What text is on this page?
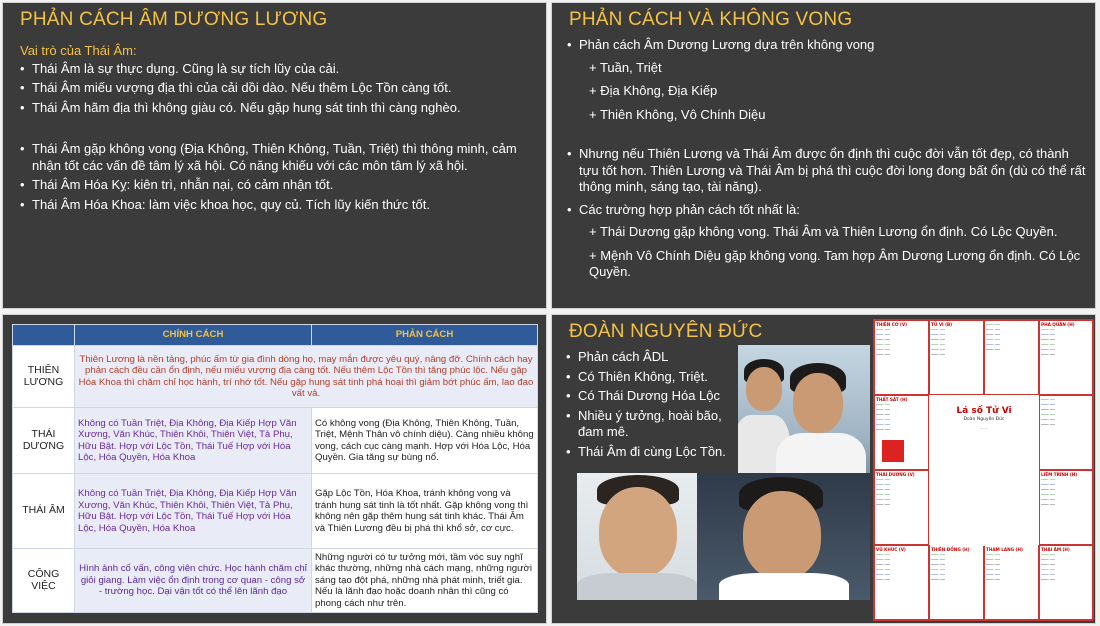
PHẢN CÁCH ÂM DƯƠNG LƯƠNG
Vai trò của Thái Âm:
• Thái Âm là sự thực dụng. Cũng là sự tích lũy của cải.
• Thái Âm miếu vượng địa thì của cải dồi dào. Nếu thêm Lộc Tồn càng tốt.
• Thái Âm hãm địa thì không giàu có. Nếu gặp hung sát tinh thì càng nghèo.
• Thái Âm gặp không vong (Địa Không, Thiên Không, Tuần, Triệt) thì thông minh, cảm nhận tốt các vấn đề tâm lý xã hội. Có năng khiếu với các môn tâm lý xã hội.
• Thái Âm Hóa Kỵ: kiên trì, nhẫn nại, có cảm nhận tốt.
• Thái Âm Hóa Khoa: làm việc khoa học, quy củ. Tích lũy kiến thức tốt.
PHẢN CÁCH VÀ KHÔNG VONG
• Phản cách Âm Dương Lương dựa trên không vong
+ Tuần, Triệt
+ Địa Không, Địa Kiếp
+ Thiên Không, Vô Chính Diệu
• Nhưng nếu Thiên Lương và Thái Âm được ổn định thì cuộc đời vẫn tốt đẹp, có thành tựu tốt hơn. Thiên Lương và Thái Âm bị phá thì cuộc đời long đong bất ổn (dù có thể rất thông minh, sáng tạo, tài năng).
• Các trường hợp phản cách tốt nhất là:
+ Thái Dương gặp không vong. Thái Âm và Thiên Lương ổn định. Có Lộc Quyền.
+ Mệnh Vô Chính Diệu gặp không vong. Tam hợp Âm Dương Lương ổn định. Có Lộc Quyền.
	CHÍNH CÁCH	PHẢN CÁCH
THIÊN LƯƠNG	Thiên Lương là nền tảng, phúc ấm từ gia đình dòng họ, may mắn được yêu quý, nâng đỡ. Chính cách hay phản cách đều cần ổn định, nếu miếu vượng địa càng tốt. Nếu thêm Lộc Tồn thì tăng phúc lộc. Nếu gặp Hóa Khoa thì chăm chỉ học hành, trí nhớ tốt. Nếu gặp hung sát tinh phá hoại thì giảm bớt phúc ấm, lao đao vất vả.	
THÁI DƯƠNG	Không có Tuần Triệt, Địa Không, Địa Kiếp Hợp Văn Xương, Văn Khúc, Thiên Khôi, Thiên Việt, Tả Phụ, Hữu Bật. Hợp với Lộc Tồn, Thái Tuế Hợp với Hóa Lộc, Hóa Quyền, Hóa Khoa	Có không vong (Địa Không, Thiên Không, Tuần, Triệt, Mệnh Thân vô chính diệu). Càng nhiều không vong, cách cục càng mạnh. Hợp với Hóa Lộc, Hóa Quyền. Gia tăng sự bùng nổ.
THÁI ÂM	Không có Tuần Triệt, Địa Không, Địa Kiếp Hợp Văn Xương, Văn Khúc, Thiên Khôi, Thiên Việt, Tả Phụ, Hữu Bật. Hợp với Lộc Tồn, Thái Tuế Hợp với Hóa Lộc, Hóa Quyền, Hóa Khoa	Gặp Lộc Tồn, Hóa Khoa, tránh không vong và tránh hung sát tinh là tốt nhất. Gặp không vong thì không nên gặp thêm hung sát tinh khác. Thái Âm và Thiên Lương đều bị phá thì khổ sở, cơ cực.
CÔNG VIỆC	Hình ảnh cố vấn, công viên chức. Học hành chăm chỉ giỏi giang. Làm việc ổn định trong cơ quan - công sở - trường học. Dại vận tốt có thể lên lãnh đạo	Những người có tư tưởng mới, tầm vóc suy nghĩ khác thường, những nhà cách mạng, những người sáng tạo đột phá, những nhà phát minh, triết gia. Nếu là lãnh đạo hoặc doanh nhân thì cũng có phong cách như trên.
ĐOÀN NGUYÊN ĐỨC
• Phản cách ÂDL
• Có Thiên Không, Triệt.
• Có Thái Dương Hóa Lộc
• Nhiều ý tưởng, hoài bão, đam mê.
• Thái Âm đi cùng Lộc Tồn.
THIÊN CƠ (V)
─── ──
─── ──
─── ──
─── ──
─── ──
─── ──
TỬ VI (B)
─── ──
─── ──
─── ──
─── ──
─── ──
─── ──
─── ──
─── ──
─── ──
─── ──
─── ──
─── ──
PHÁ QUÂN (H)
─── ──
─── ──
─── ──
─── ──
─── ──
─── ──
THẤT SÁT (H)
─── ──
─── ──
─── ──
─── ──
─── ──
─── ──
─── ──
─── ──
─── ──
─── ──
─── ──
─── ──
THÁI DƯƠNG (V)
─── ──
─── ──
─── ──
─── ──
─── ──
─── ──
LIÊM TRINH (H)
─── ──
─── ──
─── ──
─── ──
─── ──
─── ──
VŨ KHÚC (V)
─── ──
─── ──
─── ──
─── ──
─── ──
─── ──
THIÊN ĐỒNG (H)
─── ──
─── ──
─── ──
─── ──
─── ──
─── ──
THAM LANG (H)
─── ──
─── ──
─── ──
─── ──
─── ──
─── ──
THÁI ÂM (H)
─── ──
─── ──
─── ──
─── ──
─── ──
─── ──
Lá số Tử Vi
Đoàn Nguyên Đức
· · ·
